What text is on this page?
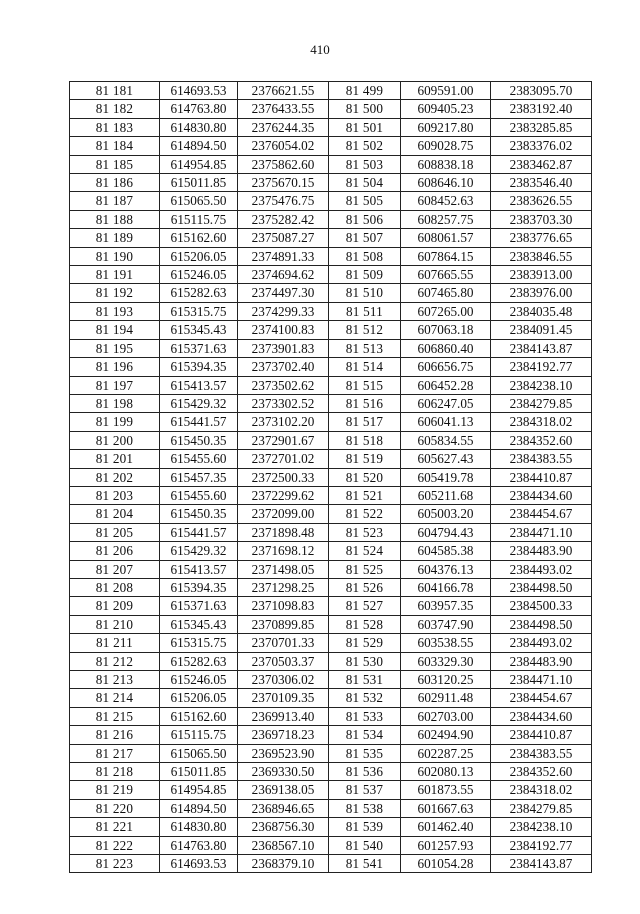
410
81 181	614693.53	2376621.55	81 499	609591.00	2383095.70
81 182	614763.80	2376433.55	81 500	609405.23	2383192.40
81 183	614830.80	2376244.35	81 501	609217.80	2383285.85
81 184	614894.50	2376054.02	81 502	609028.75	2383376.02
81 185	614954.85	2375862.60	81 503	608838.18	2383462.87
81 186	615011.85	2375670.15	81 504	608646.10	2383546.40
81 187	615065.50	2375476.75	81 505	608452.63	2383626.55
81 188	615115.75	2375282.42	81 506	608257.75	2383703.30
81 189	615162.60	2375087.27	81 507	608061.57	2383776.65
81 190	615206.05	2374891.33	81 508	607864.15	2383846.55
81 191	615246.05	2374694.62	81 509	607665.55	2383913.00
81 192	615282.63	2374497.30	81 510	607465.80	2383976.00
81 193	615315.75	2374299.33	81 511	607265.00	2384035.48
81 194	615345.43	2374100.83	81 512	607063.18	2384091.45
81 195	615371.63	2373901.83	81 513	606860.40	2384143.87
81 196	615394.35	2373702.40	81 514	606656.75	2384192.77
81 197	615413.57	2373502.62	81 515	606452.28	2384238.10
81 198	615429.32	2373302.52	81 516	606247.05	2384279.85
81 199	615441.57	2373102.20	81 517	606041.13	2384318.02
81 200	615450.35	2372901.67	81 518	605834.55	2384352.60
81 201	615455.60	2372701.02	81 519	605627.43	2384383.55
81 202	615457.35	2372500.33	81 520	605419.78	2384410.87
81 203	615455.60	2372299.62	81 521	605211.68	2384434.60
81 204	615450.35	2372099.00	81 522	605003.20	2384454.67
81 205	615441.57	2371898.48	81 523	604794.43	2384471.10
81 206	615429.32	2371698.12	81 524	604585.38	2384483.90
81 207	615413.57	2371498.05	81 525	604376.13	2384493.02
81 208	615394.35	2371298.25	81 526	604166.78	2384498.50
81 209	615371.63	2371098.83	81 527	603957.35	2384500.33
81 210	615345.43	2370899.85	81 528	603747.90	2384498.50
81 211	615315.75	2370701.33	81 529	603538.55	2384493.02
81 212	615282.63	2370503.37	81 530	603329.30	2384483.90
81 213	615246.05	2370306.02	81 531	603120.25	2384471.10
81 214	615206.05	2370109.35	81 532	602911.48	2384454.67
81 215	615162.60	2369913.40	81 533	602703.00	2384434.60
81 216	615115.75	2369718.23	81 534	602494.90	2384410.87
81 217	615065.50	2369523.90	81 535	602287.25	2384383.55
81 218	615011.85	2369330.50	81 536	602080.13	2384352.60
81 219	614954.85	2369138.05	81 537	601873.55	2384318.02
81 220	614894.50	2368946.65	81 538	601667.63	2384279.85
81 221	614830.80	2368756.30	81 539	601462.40	2384238.10
81 222	614763.80	2368567.10	81 540	601257.93	2384192.77
81 223	614693.53	2368379.10	81 541	601054.28	2384143.87
